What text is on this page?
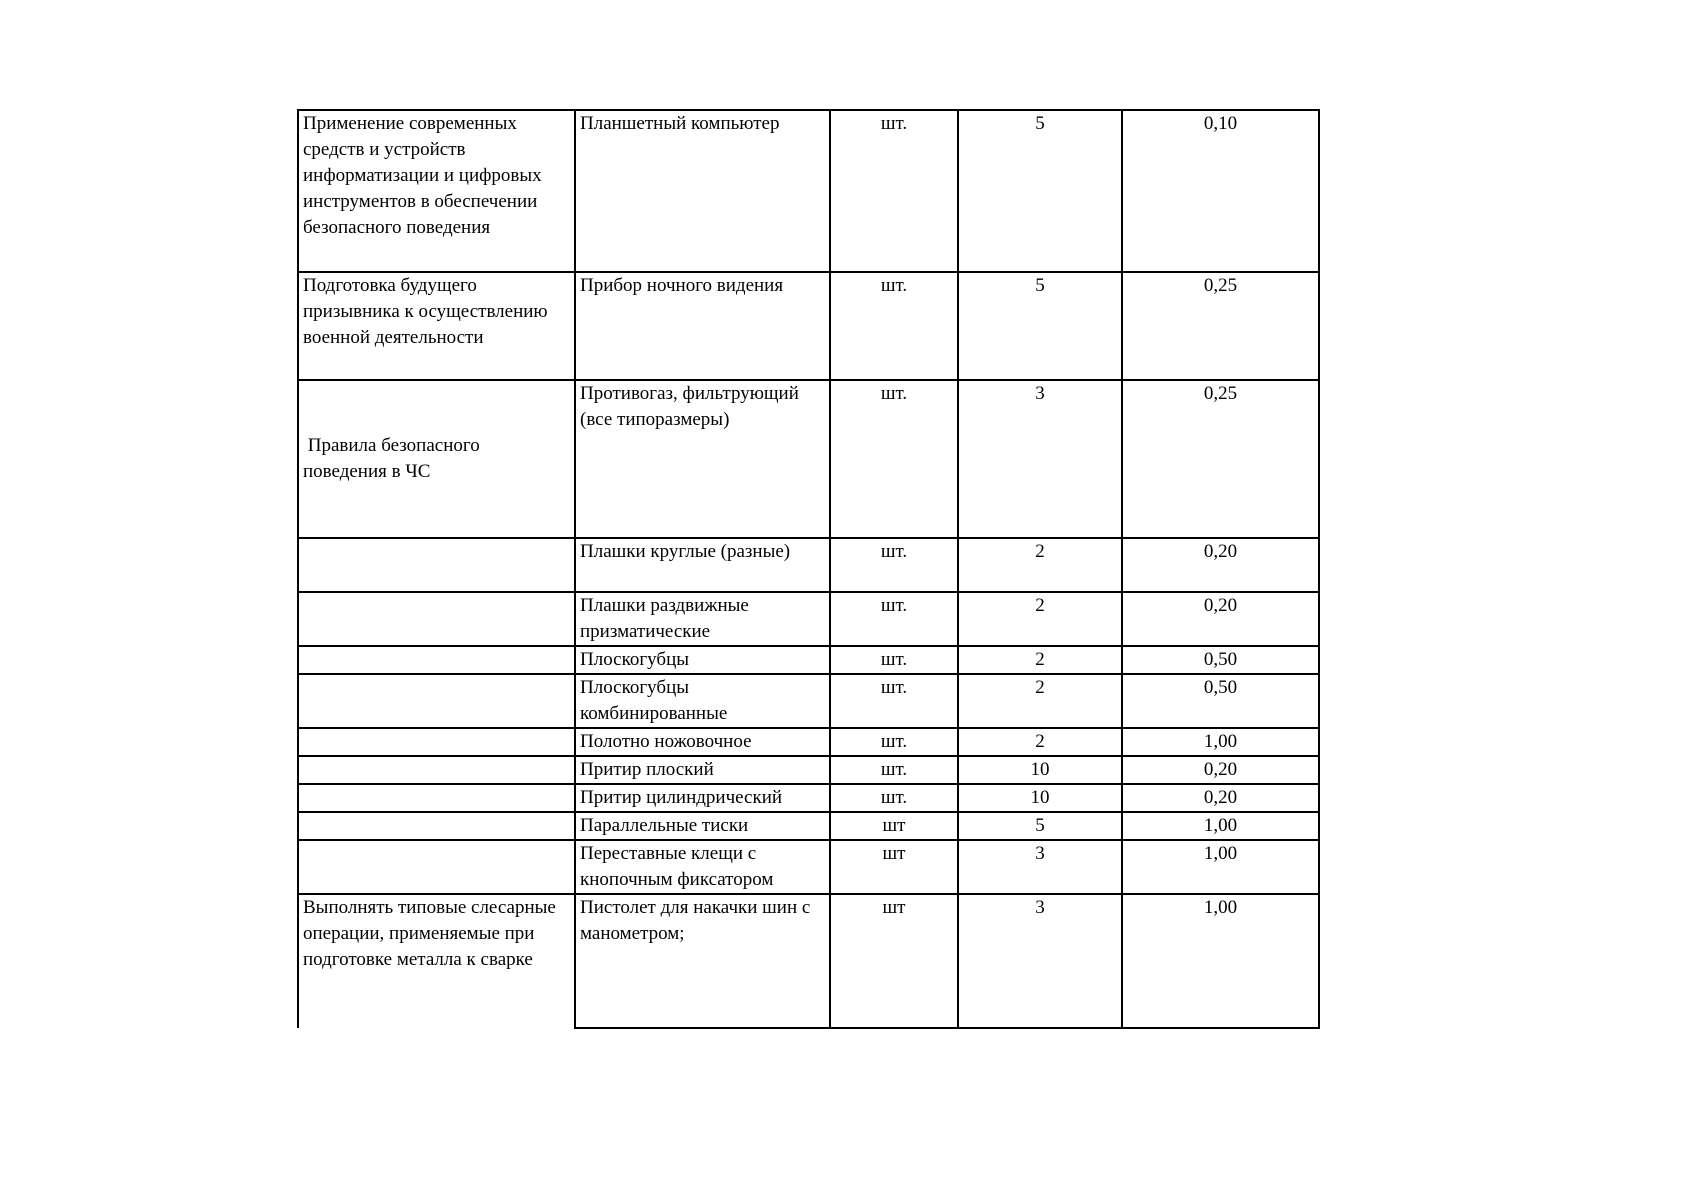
Применение современных средств и устройств информатизации и цифровых инструментов в обеспечении безопасного поведения	Планшетный компьютер	шт.	5	0,10

Подготовка будущего призывника к осуществлению военной деятельности	Прибор ночного видения	шт.	5	0,25

Правила безопасного поведения в ЧС	Противогаз, фильтрующий (все типоразмеры)	шт.	3	0,25
	Плашки круглые (разные)	шт.	2	0,20

	Плашки раздвижные призматические	шт.	2	0,20
	Плоскогубцы	шт.	2	0,50

	Плоскогубцы комбинированные	шт.	2	0,50
	Полотно ножовочное	шт.	2	1,00
	Притир плоский	шт.	10	0,20
	Притир цилиндрический	шт.	10	0,20
	Параллельные тиски	шт	5	1,00

	Переставные клещи с кнопочным фиксатором	шт	3	1,00
Выполнять типовые слесарные операции, применяемые при подготовке металла к сварке	Пистолет для накачки шин с манометром;	шт	3	1,00
